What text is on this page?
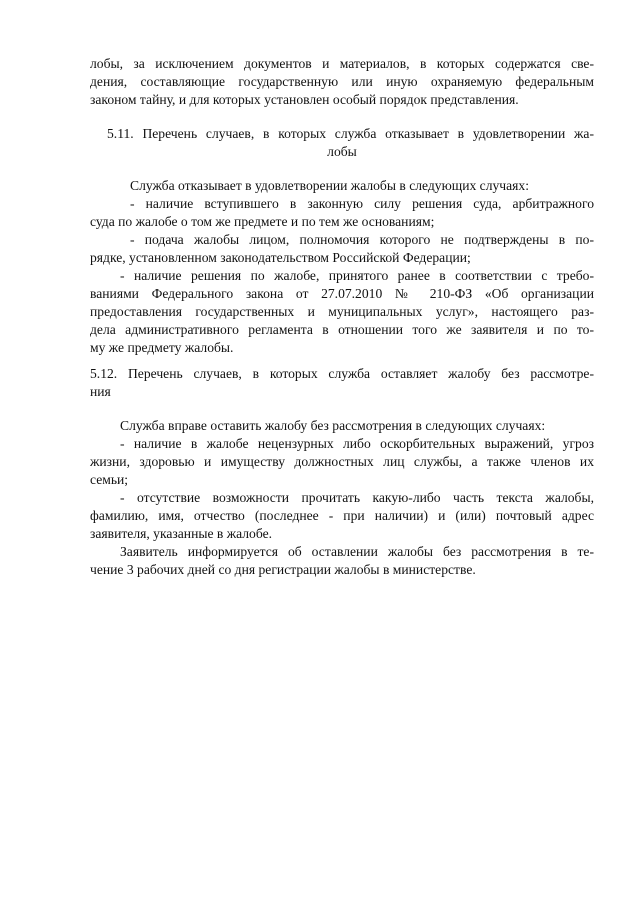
лобы, за исключением документов и материалов, в которых содержатся све-

дения, составляющие государственную или иную охраняемую федеральным

законом тайну, и для которых установлен особый порядок представления.

5.11. Перечень случаев, в которых служба отказывает в удовлетворении жа-

лобы

Служба отказывает в удовлетворении жалобы в следующих случаях:

- наличие вступившего в законную силу решения суда, арбитражного

суда по жалобе о том же предмете и по тем же основаниям;

- подача жалобы лицом, полномочия которого не подтверждены в по-

рядке, установленном законодательством Российской Федерации;

- наличие решения по жалобе, принятого ранее в соответствии с требо-

ваниями Федерального закона от 27.07.2010 № 210-ФЗ «Об организации

предоставления государственных и муниципальных услуг», настоящего раз-

дела административного регламента в отношении того же заявителя и по то-

му же предмету жалобы.

5.12. Перечень случаев, в которых служба оставляет жалобу без рассмотре-

ния

Служба вправе оставить жалобу без рассмотрения в следующих случаях:

- наличие в жалобе нецензурных либо оскорбительных выражений, угроз

жизни, здоровью и имуществу должностных лиц службы, а также членов их

семьи;

- отсутствие возможности прочитать какую-либо часть текста жалобы,

фамилию, имя, отчество (последнее - при наличии) и (или) почтовый адрес

заявителя, указанные в жалобе.

Заявитель информируется об оставлении жалобы без рассмотрения в те-

чение 3 рабочих дней со дня регистрации жалобы в министерстве.
